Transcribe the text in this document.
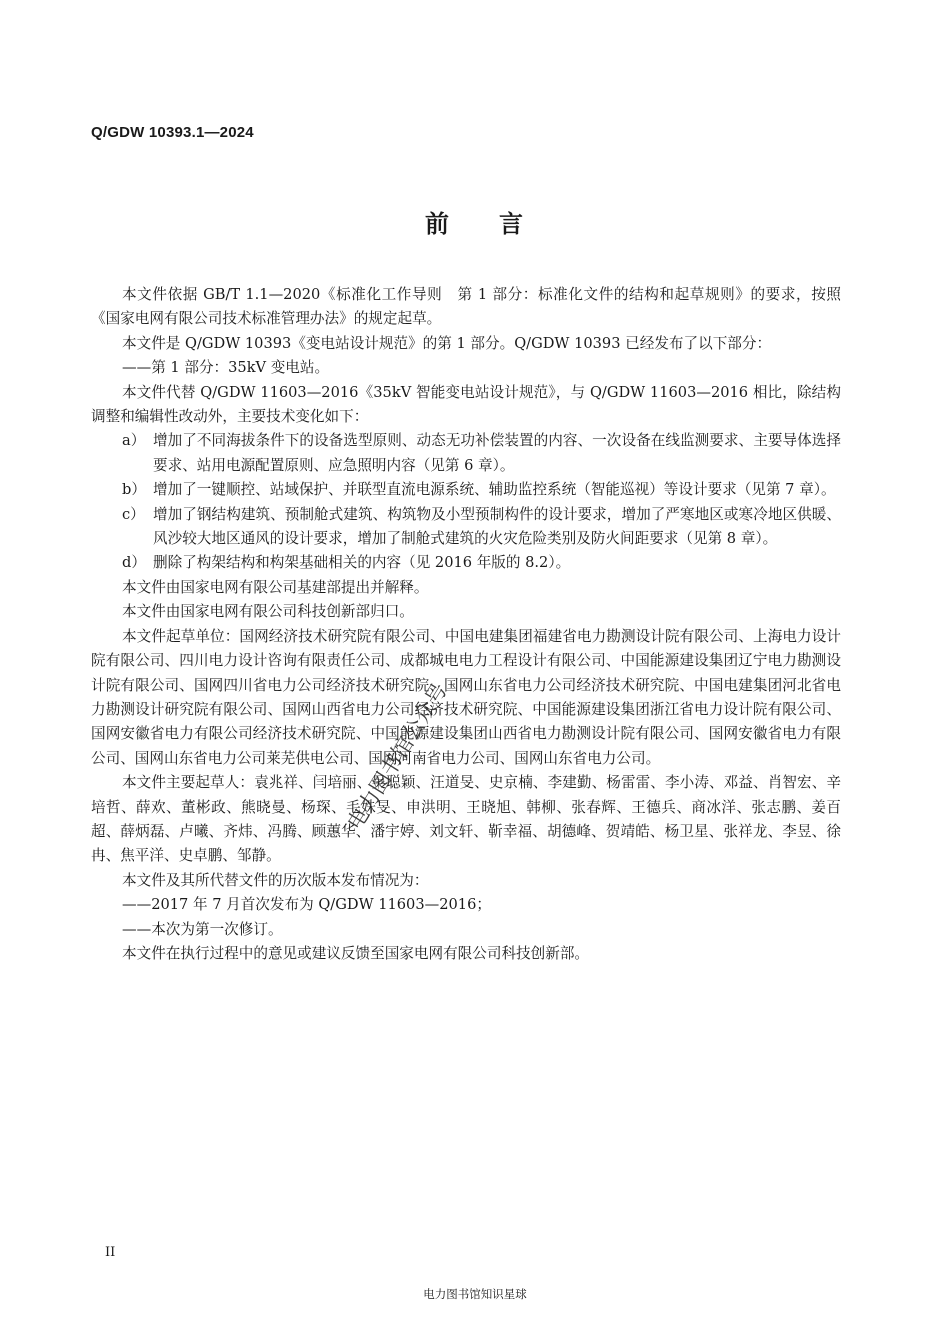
Q/GDW 10393.1—2024
前 言

本文件依据 GB/T 1.1—2020《标准化工作导则　第 1 部分：标准化文件的结构和起草规则》的要求，按照《国家电网有限公司技术标准管理办法》的规定起草。

本文件是 Q/GDW 10393《变电站设计规范》的第 1 部分。Q/GDW 10393 已经发布了以下部分：

——第 1 部分：35kV 变电站。

本文件代替 Q/GDW 11603—2016《35kV 智能变电站设计规范》，与 Q/GDW 11603—2016 相比，除结构调整和编辑性改动外，主要技术变化如下：

a） 增加了不同海拔条件下的设备选型原则、动态无功补偿装置的内容、一次设备在线监测要求、主要导体选择要求、站用电源配置原则、应急照明内容（见第 6 章）。

b） 增加了一键顺控、站域保护、并联型直流电源系统、辅助监控系统（智能巡视）等设计要求（见第 7 章）。

c） 增加了钢结构建筑、预制舱式建筑、构筑物及小型预制构件的设计要求，增加了严寒地区或寒冷地区供暖、风沙较大地区通风的设计要求，增加了制舱式建筑的火灾危险类别及防火间距要求（见第 8 章）。

d） 删除了构架结构和构架基础相关的内容（见 2016 年版的 8.2）。

本文件由国家电网有限公司基建部提出并解释。

本文件由国家电网有限公司科技创新部归口。

本文件起草单位：国网经济技术研究院有限公司、中国电建集团福建省电力勘测设计院有限公司、上海电力设计院有限公司、四川电力设计咨询有限责任公司、成都城电电力工程设计有限公司、中国能源建设集团辽宁电力勘测设计院有限公司、国网四川省电力公司经济技术研究院、国网山东省电力公司经济技术研究院、中国电建集团河北省电力勘测设计研究院有限公司、国网山西省电力公司经济技术研究院、中国能源建设集团浙江省电力设计院有限公司、国网安徽省电力有限公司经济技术研究院、中国能源建设集团山西省电力勘测设计院有限公司、国网安徽省电力有限公司、国网山东省电力公司莱芜供电公司、国网河南省电力公司、国网山东省电力公司。

本文件主要起草人：袁兆祥、闫培丽、吴聪颖、汪道旻、史京楠、李建勤、杨雷雷、李小涛、邓益、肖智宏、辛培哲、薛欢、董彬政、熊晓曼、杨琛、毛姝旻、申洪明、王晓旭、韩柳、张春辉、王德兵、商冰洋、张志鹏、姜百超、薛炳磊、卢曦、齐炜、冯腾、顾蕙华、潘宇婷、刘文轩、靳幸福、胡德峰、贺靖皓、杨卫星、张祥龙、李昱、徐冉、焦平洋、史卓鹏、邹静。

本文件及其所代替文件的历次版本发布情况为：

——2017 年 7 月首次发布为 Q/GDW 11603—2016；

——本次为第一次修订。

本文件在执行过程中的意见或建议反馈至国家电网有限公司科技创新部。

电力图书馆公众号
II
电力图书馆知识星球
